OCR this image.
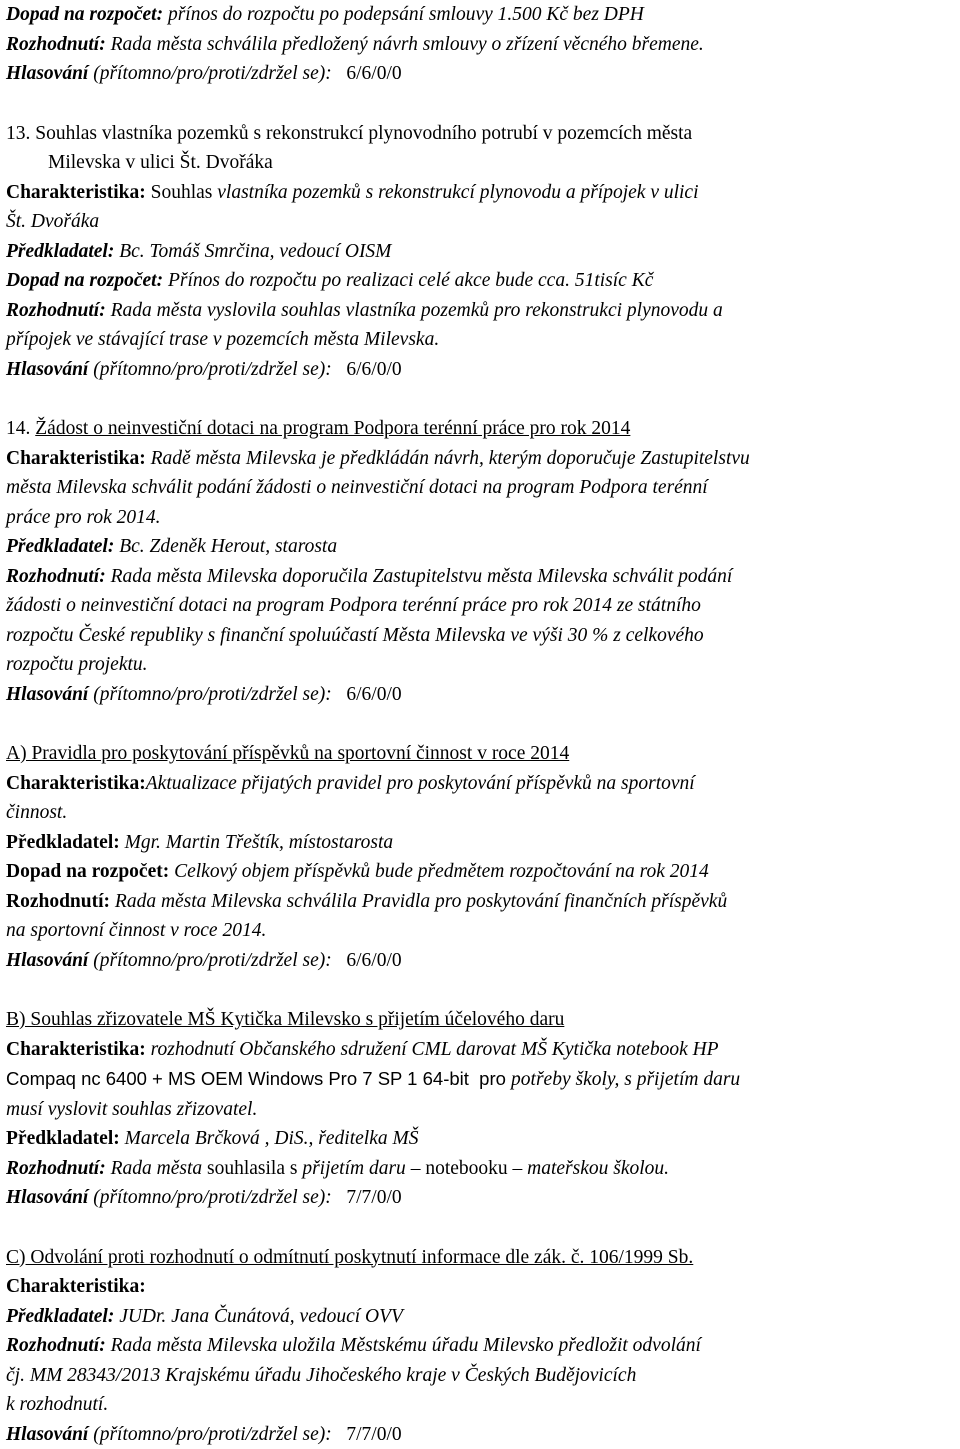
Dopad na rozpočet: přínos do rozpočtu po podepsání smlouvy 1.500 Kč bez DPH
Rozhodnutí: Rada města schválila předložený návrh smlouvy o zřízení věcného břemene.
Hlasování (přítomno/pro/proti/zdržel se):   6/6/0/0
13. Souhlas vlastníka pozemků s rekonstrukcí plynovodního potrubí v pozemcích města
Milevska v ulici Št. Dvořáka
Charakteristika: Souhlas vlastníka pozemků s rekonstrukcí plynovodu a přípojek v ulici
Št. Dvořáka
Předkladatel: Bc. Tomáš Smrčina, vedoucí OISM
Dopad na rozpočet: Přínos do rozpočtu po realizaci celé akce bude cca. 51tisíc Kč
Rozhodnutí: Rada města vyslovila souhlas vlastníka pozemků pro rekonstrukci plynovodu a
přípojek ve stávající trase v pozemcích města Milevska.
Hlasování (přítomno/pro/proti/zdržel se):   6/6/0/0
14. Žádost o neinvestiční dotaci na program Podpora terénní práce pro rok 2014
Charakteristika: Radě města Milevska je předkládán návrh, kterým doporučuje Zastupitelstvu
města Milevska schválit podání žádosti o neinvestiční dotaci na program Podpora terénní
práce pro rok 2014.
Předkladatel: Bc. Zdeněk Herout, starosta
Rozhodnutí: Rada města Milevska doporučila Zastupitelstvu města Milevska schválit podání
žádosti o neinvestiční dotaci na program Podpora terénní práce pro rok 2014 ze státního
rozpočtu České republiky s finanční spoluúčastí Města Milevska ve výši 30 % z celkového
rozpočtu projektu.
Hlasování (přítomno/pro/proti/zdržel se):   6/6/0/0
A) Pravidla pro poskytování příspěvků na sportovní činnost v roce 2014
Charakteristika:Aktualizace přijatých pravidel pro poskytování příspěvků na sportovní
činnost.
Předkladatel: Mgr. Martin Třeštík, místostarosta
Dopad na rozpočet: Celkový objem příspěvků bude předmětem rozpočtování na rok 2014
Rozhodnutí: Rada města Milevska schválila Pravidla pro poskytování finančních příspěvků
na sportovní činnost v roce 2014.
Hlasování (přítomno/pro/proti/zdržel se):   6/6/0/0
B) Souhlas zřizovatele MŠ Kytička Milevsko s přijetím účelového daru
Charakteristika: rozhodnutí Občanského sdružení CML darovat MŠ Kytička notebook HP
Compaq nc 6400 + MS OEM Windows Pro 7 SP 1 64-bit  pro potřeby školy, s přijetím daru
musí vyslovit souhlas zřizovatel.
Předkladatel: Marcela Brčková , DiS., ředitelka MŠ
Rozhodnutí: Rada města souhlasila s přijetím daru – notebooku – mateřskou školou.
Hlasování (přítomno/pro/proti/zdržel se):   7/7/0/0
C) Odvolání proti rozhodnutí o odmítnutí poskytnutí informace dle zák. č. 106/1999 Sb.
Charakteristika:
Předkladatel: JUDr. Jana Čunátová, vedoucí OVV
Rozhodnutí: Rada města Milevska uložila Městskému úřadu Milevsko předložit odvolání
čj. MM 28343/2013 Krajskému úřadu Jihočeského kraje v Českých Budějovicích
k rozhodnutí.
Hlasování (přítomno/pro/proti/zdržel se):   7/7/0/0
